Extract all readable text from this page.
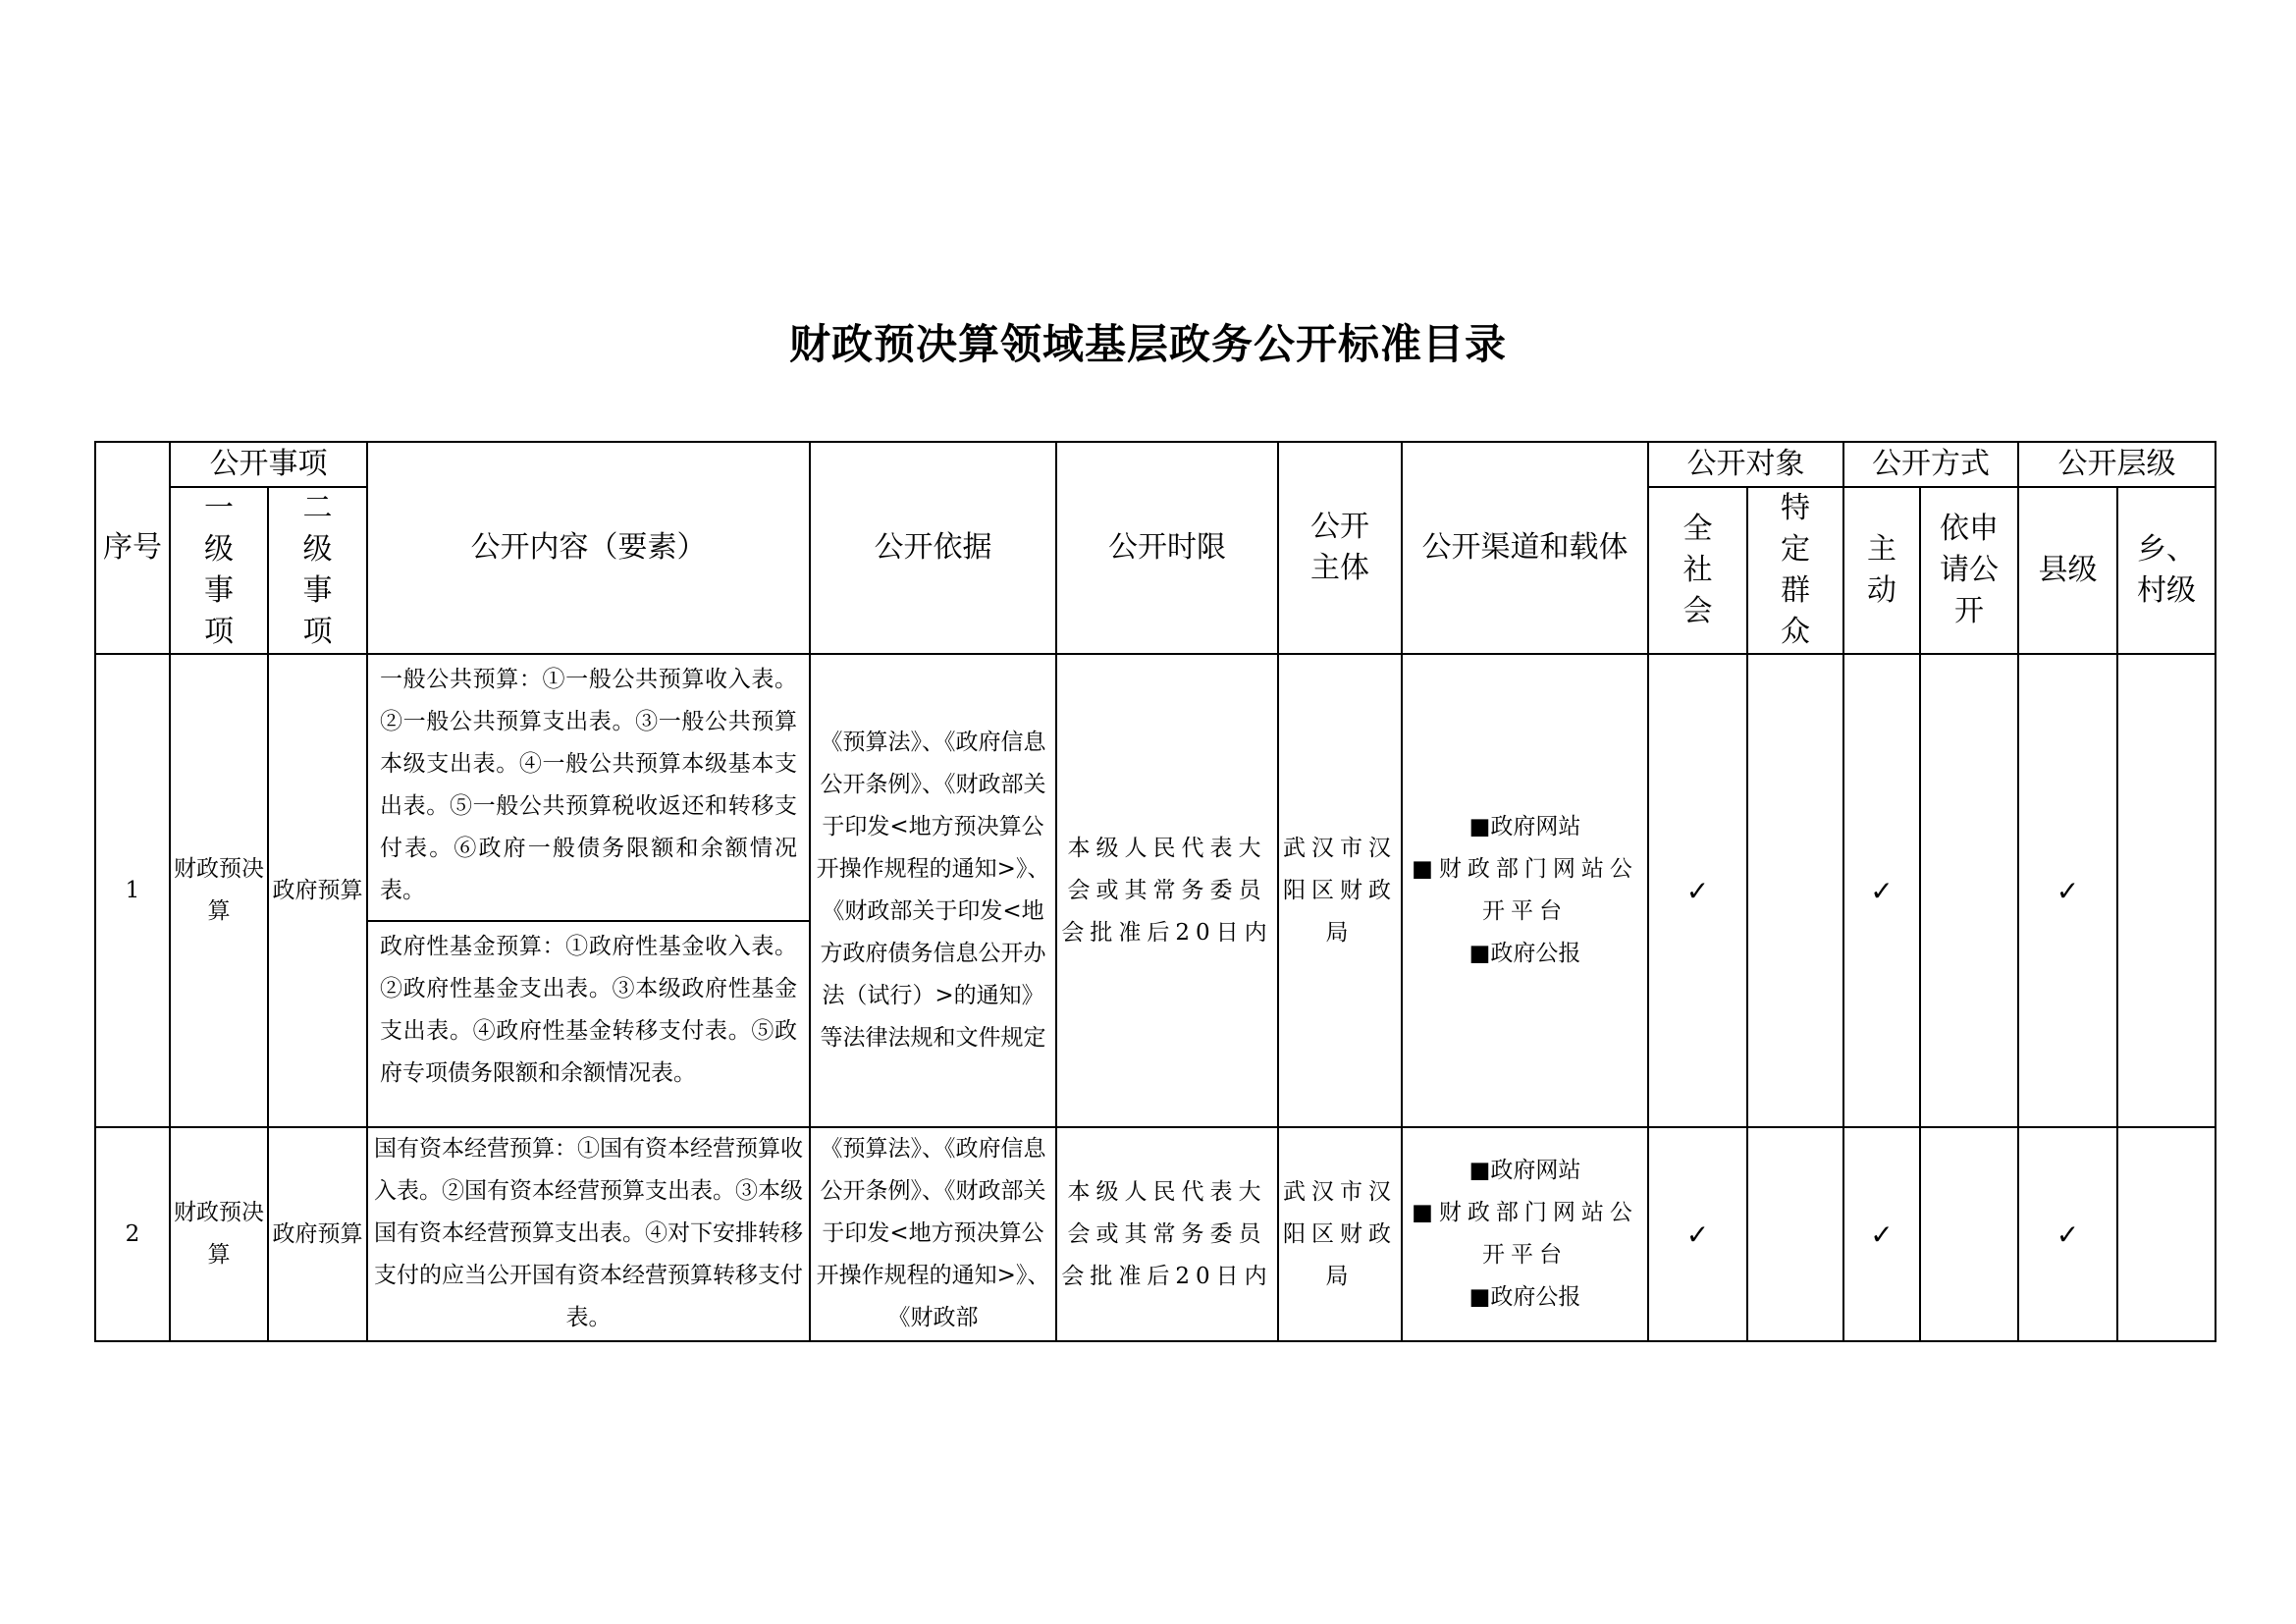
财政预决算领域基层政务公开标准目录
序号	公开事项		公开内容（要素）	公开依据	公开时限	公开主体	公开渠道和载体	公开对象		公开方式		公开层级	
	一级事项	二级事项						全社会	特定群众	主动	依申请公开	县级	乡、村级
1	财政预决算	政府预算	一般公共预算：①一般公共预算收入表。②一般公共预算支出表。③一般公共预算本级支出表。④一般公共预算本级基本支出表。⑤一般公共预算税收返还和转移支付表。⑥政府一般债务限额和余额情况表。
政府性基金预算：①政府性基金收入表。②政府性基金支出表。③本级政府性基金支出表。④政府性基金转移支付表。⑤政府专项债务限额和余额情况表。	《预算法》、《政府信息公开条例》、《财政部关于印发<地方预决算公开操作规程的通知>》、《财政部关于印发<地方政府债务信息公开办法（试行）>的通知》等法律法规和文件规定	本级人民代表大会或其常务委员会批准后20日内	武汉市汉阳区财政局	■政府网站
■财政部门网站公开平台
■政府公报	✓		✓		✓	
2	财政预决算	政府预算	国有资本经营预算：①国有资本经营预算收入表。②国有资本经营预算支出表。③本级国有资本经营预算支出表。④对下安排转移支付的应当公开国有资本经营预算转移支付表。	《预算法》、《政府信息公开条例》、《财政部关于印发<地方预决算公开操作规程的通知>》、《财政部	本级人民代表大会或其常务委员会批准后20日内	武汉市汉阳区财政局	■政府网站
■财政部门网站公开平台
■政府公报	✓		✓		✓	
